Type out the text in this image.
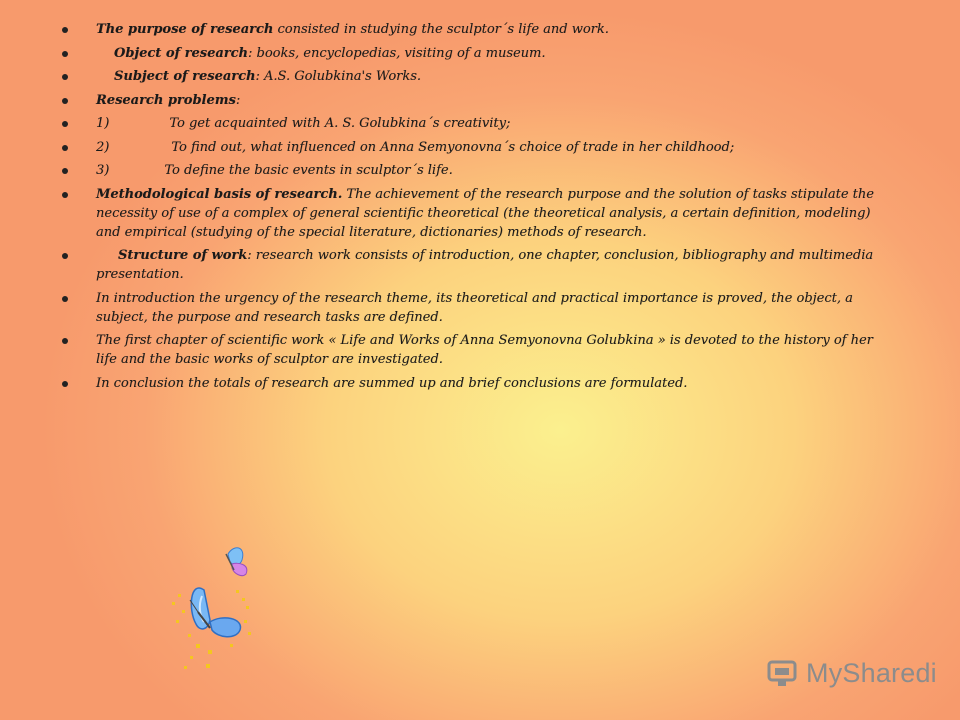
The purpose of research consisted in studying the sculptor´s life and work.
Object of research: books, encyclopedias, visiting of a museum.
Subject of research: A.S. Golubkina's Works.
Research problems:
1)	To get acquainted with A. S. Golubkina´s creativity;
2)	To find out, what influenced on Anna Semyonovna´s choice of trade in her childhood;
3)	To define the basic events in sculptor´s life.
Methodological basis of research. The achievement of the research purpose and the solution of tasks stipulate the necessity of use of a complex of general scientific theoretical (the theoretical analysis, a certain definition, modeling) and empirical (studying of the special literature, dictionaries) methods of research.
Structure of work: research work consists of introduction, one chapter, conclusion, bibliography and multimedia presentation.
In introduction the urgency of the research theme, its theoretical and practical importance is proved, the object, a subject, the purpose and research tasks are defined.
The first chapter of scientific work « Life and Works of Anna Semyonovna Golubkina » is devoted to the history of her life and the basic works of sculptor are investigated.
In conclusion the totals of research are summed up and brief conclusions are formulated.
MySharedi
